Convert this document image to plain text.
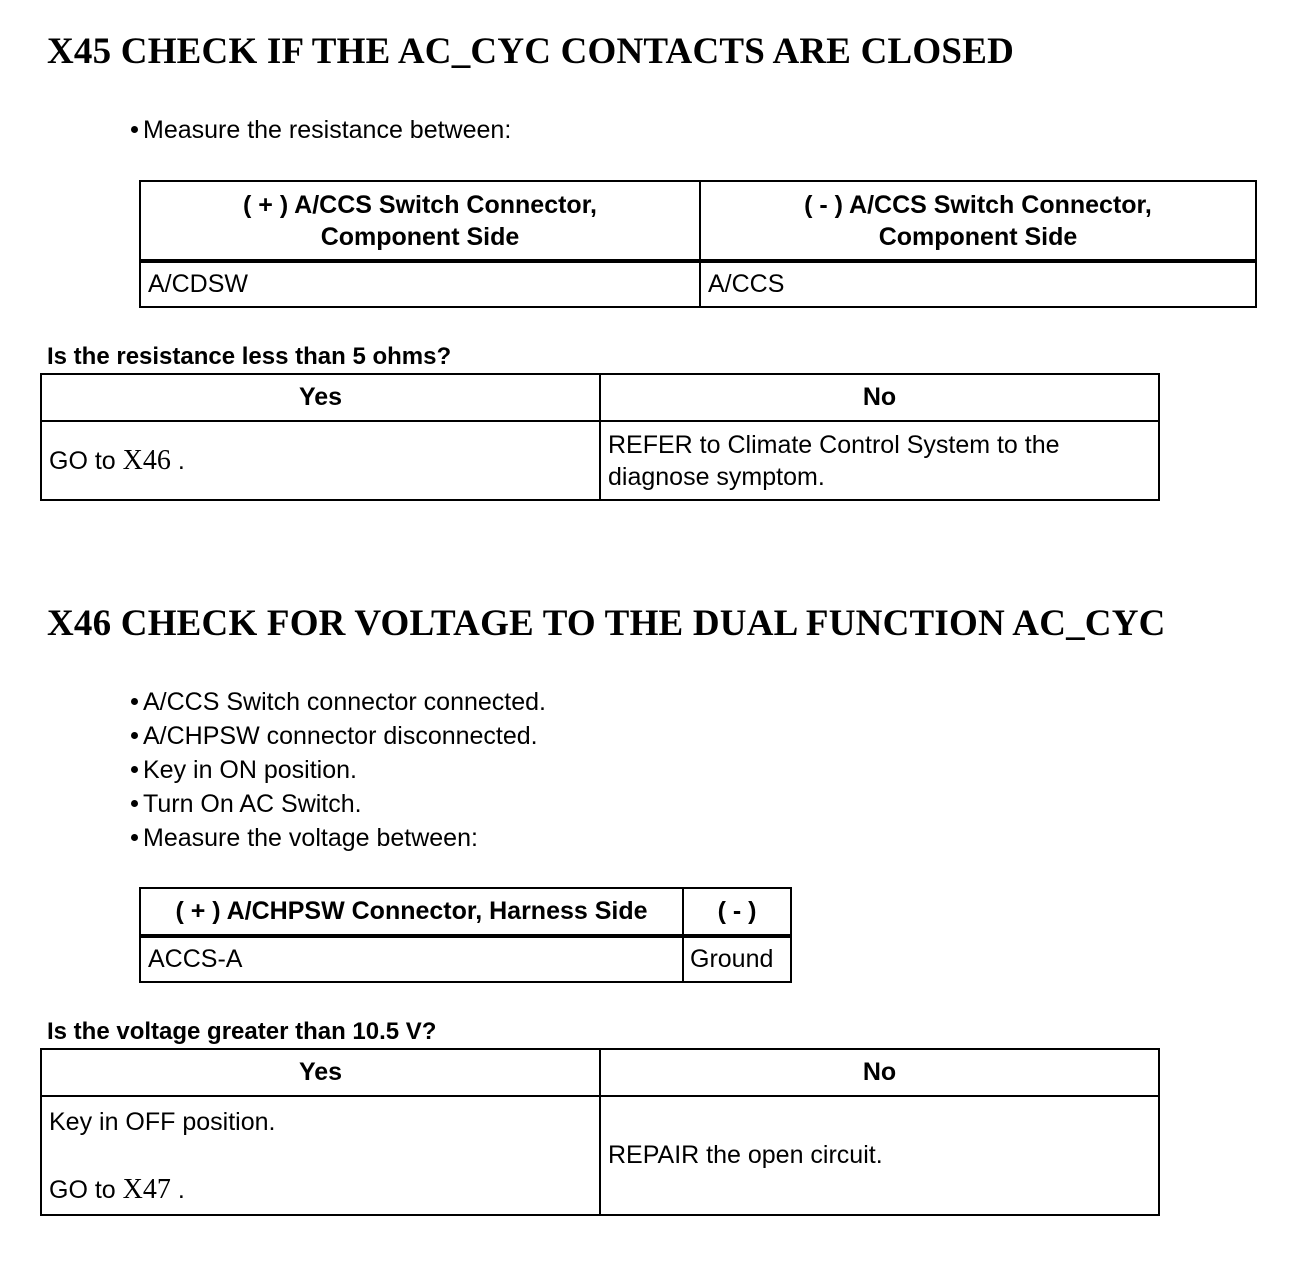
X45 CHECK IF THE AC_CYC CONTACTS ARE CLOSED
Measure the resistance between:
( + ) A/CCS Switch Connector,
Component Side	( - ) A/CCS Switch Connector,
Component Side
A/CDSW	A/CCS
Is the resistance less than 5 ohms?
Yes	No
GO to X46 .	REFER to Climate Control System to the diagnose symptom.
X46 CHECK FOR VOLTAGE TO THE DUAL FUNCTION AC_CYC
A/CCS Switch connector connected.
A/CHPSW connector disconnected.
Key in ON position.
Turn On AC Switch.
Measure the voltage between:
( + ) A/CHPSW Connector, Harness Side	( - )
ACCS-A	Ground
Is the voltage greater than 10.5 V?
Yes	No

Key in OFF position.
GO to X47 .	REPAIR the open circuit.
